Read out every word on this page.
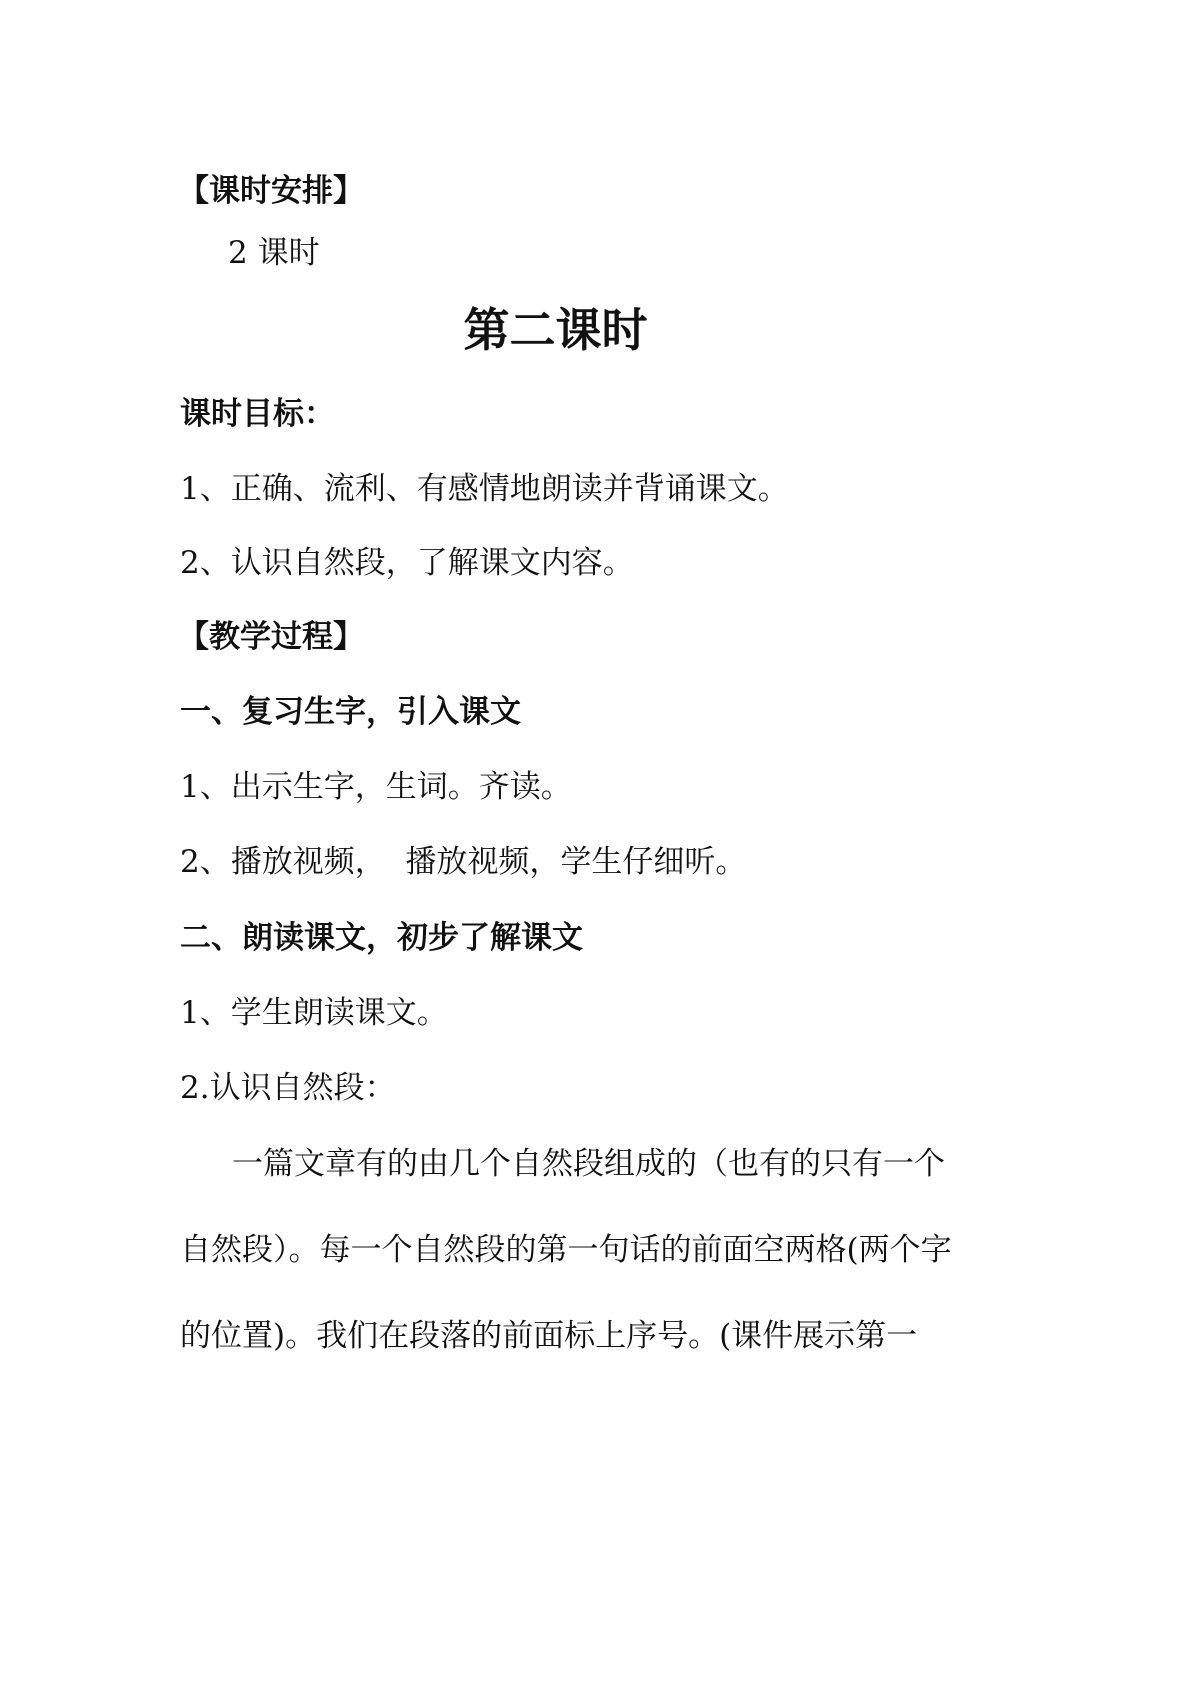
【课时安排】
2 课时
第二课时
课时目标：
1、正确、流利、有感情地朗读并背诵课文。
2、认识自然段，了解课文内容。
【教学过程】
一、复习生字，引入课文
1、出示生字，生词。齐读。
2、播放视频，  播放视频，学生仔细听。
二、朗读课文，初步了解课文
1、学生朗读课文。
2.认识自然段：
一篇文章有的由几个自然段组成的（也有的只有一个
自然段）。每一个自然段的第一句话的前面空两格(两个字
的位置)。我们在段落的前面标上序号。(课件展示第一
